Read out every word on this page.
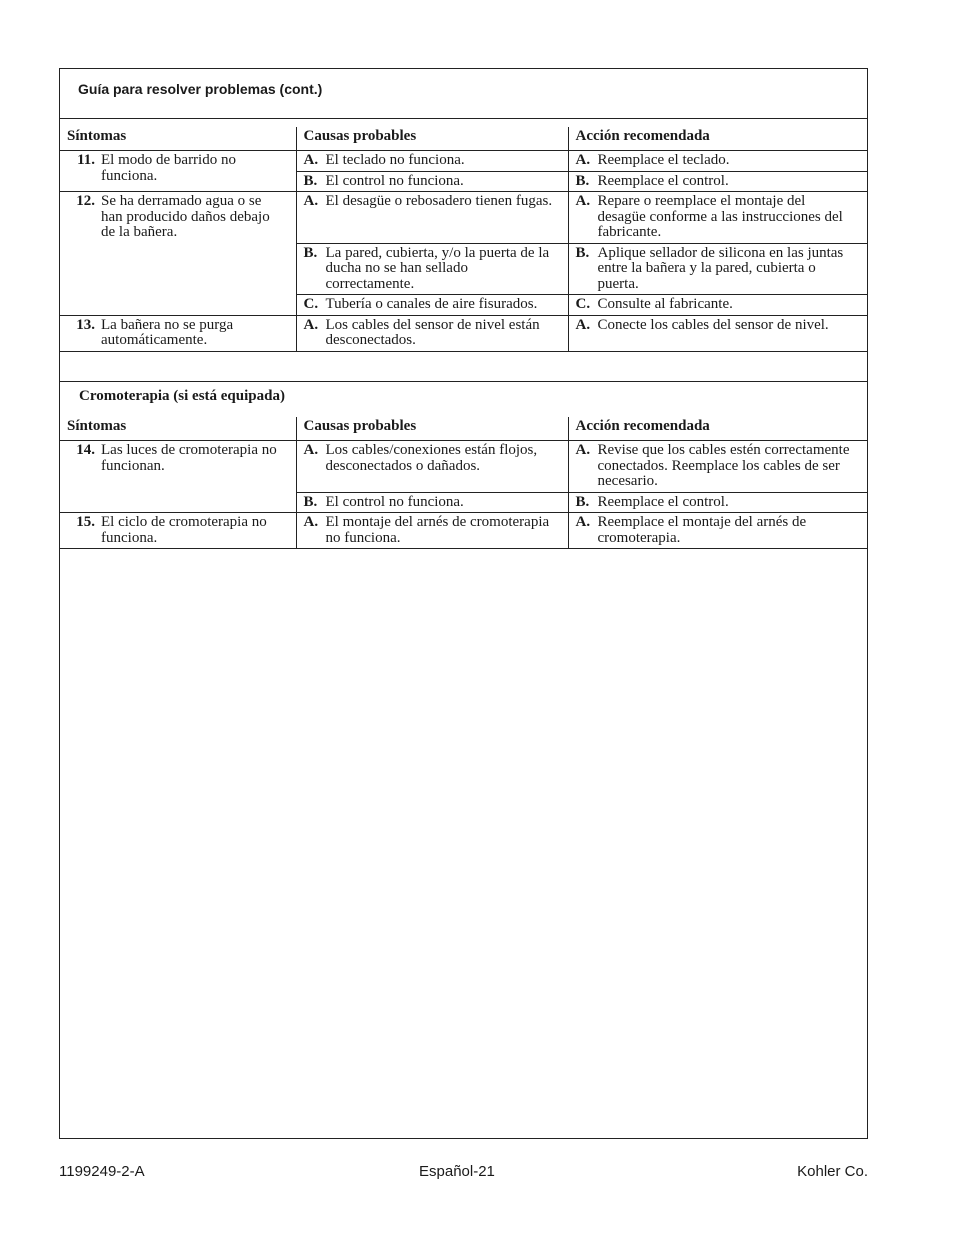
Guía para resolver problemas (cont.)
Síntomas	Causas probables	Acción recomendada
11. El modo de barrido no funciona.	A. El teclado no funciona.	A. Reemplace el teclado.
	B. El control no funciona.	B. Reemplace el control.
12. Se ha derramado agua o se han producido daños debajo de la bañera.	A. El desagüe o rebosadero tienen fugas.	A. Repare o reemplace el montaje del desagüe conforme a las instrucciones del fabricante.
	B. La pared, cubierta, y/o la puerta de la ducha no se han sellado correctamente.	B. Aplique sellador de silicona en las juntas entre la bañera y la pared, cubierta o puerta.
	C. Tubería o canales de aire fisurados.	C. Consulte al fabricante.
13. La bañera no se purga automáticamente.	A. Los cables del sensor de nivel están desconectados.	A. Conecte los cables del sensor de nivel.
Cromoterapia (si está equipada)
Síntomas	Causas probables	Acción recomendada
14. Las luces de cromoterapia no funcionan.	A. Los cables/conexiones están flojos, desconectados o dañados.	A. Revise que los cables estén correctamente conectados. Reemplace los cables de ser necesario.
	B. El control no funciona.	B. Reemplace el control.
15. El ciclo de cromoterapia no funciona.	A. El montaje del arnés de cromoterapia no funciona.	A. Reemplace el montaje del arnés de cromoterapia.
1199249-2-A	Español-21	Kohler Co.
